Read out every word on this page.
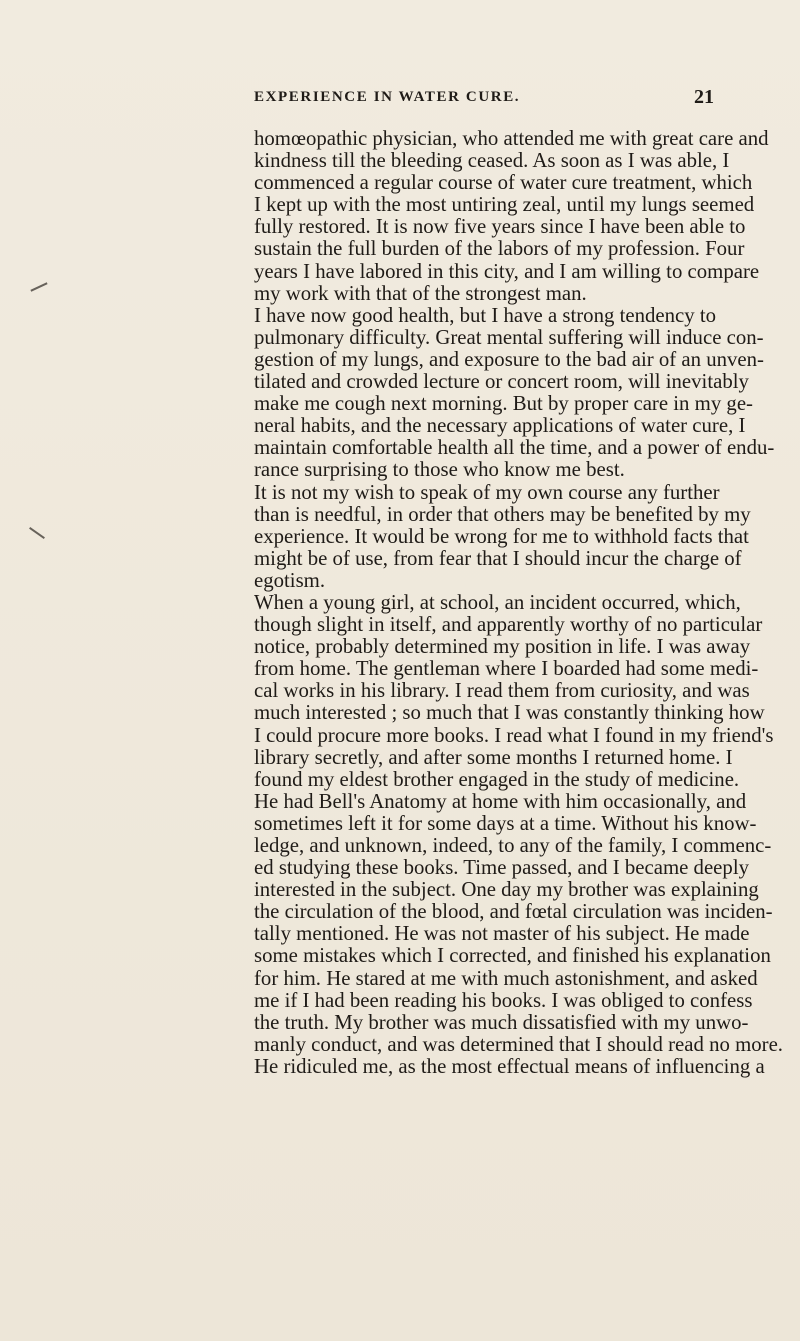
EXPERIENCE IN WATER CURE.	21
homœopathic physician, who attended me with great care and
kindness till the bleeding ceased. As soon as I was able, I
commenced a regular course of water cure treatment, which
I kept up with the most untiring zeal, until my lungs seemed
fully restored. It is now five years since I have been able to
sustain the full burden of the labors of my profession. Four
years I have labored in this city, and I am willing to compare
my work with that of the strongest man.
I have now good health, but I have a strong tendency to
pulmonary difficulty. Great mental suffering will induce con-
gestion of my lungs, and exposure to the bad air of an unven-
tilated and crowded lecture or concert room, will inevitably
make me cough next morning. But by proper care in my ge-
neral habits, and the necessary applications of water cure, I
maintain comfortable health all the time, and a power of endu-
rance surprising to those who know me best.
It is not my wish to speak of my own course any further
than is needful, in order that others may be benefited by my
experience. It would be wrong for me to withhold facts that
might be of use, from fear that I should incur the charge of
egotism.
When a young girl, at school, an incident occurred, which,
though slight in itself, and apparently worthy of no particular
notice, probably determined my position in life. I was away
from home. The gentleman where I boarded had some medi-
cal works in his library. I read them from curiosity, and was
much interested ; so much that I was constantly thinking how
I could procure more books. I read what I found in my friend's
library secretly, and after some months I returned home. I
found my eldest brother engaged in the study of medicine.
He had Bell's Anatomy at home with him occasionally, and
sometimes left it for some days at a time. Without his know-
ledge, and unknown, indeed, to any of the family, I commenc-
ed studying these books. Time passed, and I became deeply
interested in the subject. One day my brother was explaining
the circulation of the blood, and fœtal circulation was inciden-
tally mentioned. He was not master of his subject. He made
some mistakes which I corrected, and finished his explanation
for him. He stared at me with much astonishment, and asked
me if I had been reading his books. I was obliged to confess
the truth. My brother was much dissatisfied with my unwo-
manly conduct, and was determined that I should read no more.
He ridiculed me, as the most effectual means of influencing a
